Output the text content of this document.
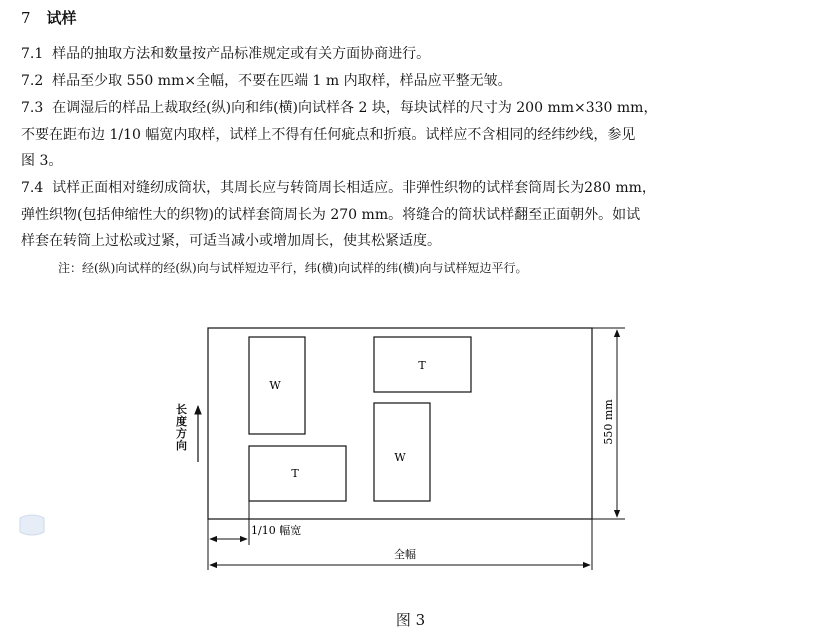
7 试样
7.1 样品的抽取方法和数量按产品标准规定或有关方面协商进行。
7.2 样品至少取 550 mm×全幅，不要在匹端 1 m 内取样，样品应平整无皱。
7.3 在调湿后的样品上裁取经(纵)向和纬(横)向试样各 2 块，每块试样的尺寸为 200 mm×330 mm，
不要在距布边 1/10 幅宽内取样，试样上不得有任何疵点和折痕。试样应不含相同的经纬纱线，参见
图 3。
7.4 试样正面相对缝纫成筒状，其周长应与转筒周长相适应。非弹性织物的试样套筒周长为280 mm，
弹性织物(包括伸缩性大的织物)的试样套筒周长为 270 mm。将缝合的筒状试样翻至正面朝外。如试
样套在转筒上过松或过紧，可适当减小或增加周长，使其松紧适度。
注：经(纵)向试样的经(纵)向与试样短边平行，纬(横)向试样的纬(横)向与试样短边平行。
W
T
W
T
550 mm
1/10 幅宽
全幅
长度方向
图 3
